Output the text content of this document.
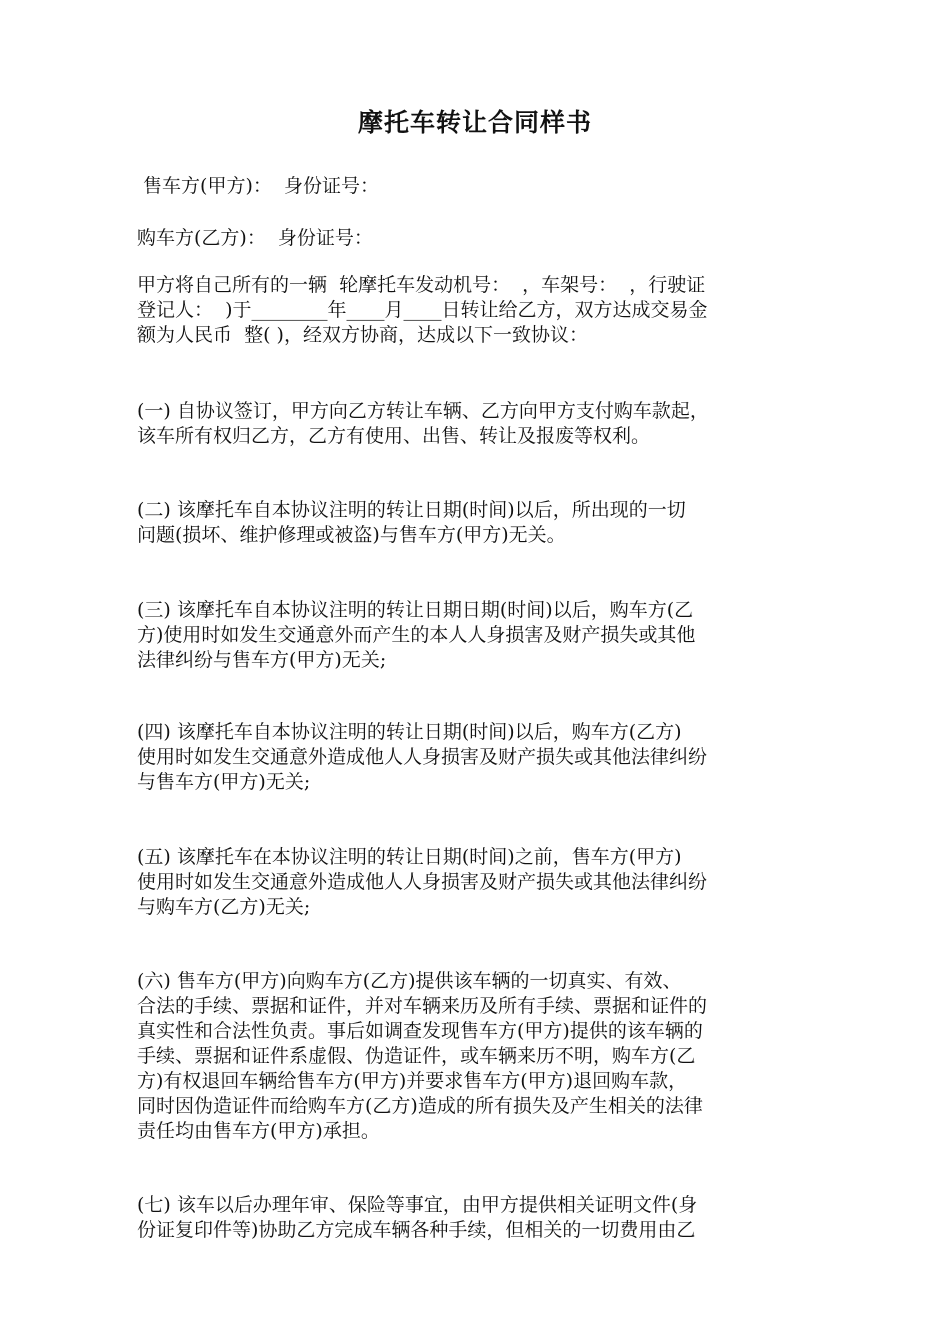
摩托车转让合同样书
售车方(甲方)：  身份证号：
购车方(乙方)：  身份证号：
甲方将自己所有的一辆  轮摩托车发动机号：  ，车架号：  ，行驶证
登记人：  )于________年____月____日转让给乙方，双方达成交易金
额为人民币  整( )，经双方协商，达成以下一致协议：
(一) 自协议签订，甲方向乙方转让车辆、乙方向甲方支付购车款起，
该车所有权归乙方，乙方有使用、出售、转让及报废等权利。
(二) 该摩托车自本协议注明的转让日期(时间)以后，所出现的一切
问题(损坏、维护修理或被盗)与售车方(甲方)无关。
(三) 该摩托车自本协议注明的转让日期日期(时间)以后，购车方(乙
方)使用时如发生交通意外而产生的本人人身损害及财产损失或其他
法律纠纷与售车方(甲方)无关;
(四) 该摩托车自本协议注明的转让日期(时间)以后，购车方(乙方)
使用时如发生交通意外造成他人人身损害及财产损失或其他法律纠纷
与售车方(甲方)无关;
(五) 该摩托车在本协议注明的转让日期(时间)之前，售车方(甲方)
使用时如发生交通意外造成他人人身损害及财产损失或其他法律纠纷
与购车方(乙方)无关;
(六) 售车方(甲方)向购车方(乙方)提供该车辆的一切真实、有效、
合法的手续、票据和证件，并对车辆来历及所有手续、票据和证件的
真实性和合法性负责。事后如调查发现售车方(甲方)提供的该车辆的
手续、票据和证件系虚假、伪造证件，或车辆来历不明，购车方(乙
方)有权退回车辆给售车方(甲方)并要求售车方(甲方)退回购车款，
同时因伪造证件而给购车方(乙方)造成的所有损失及产生相关的法律
责任均由售车方(甲方)承担。
(七) 该车以后办理年审、保险等事宜，由甲方提供相关证明文件(身
份证复印件等)协助乙方完成车辆各种手续，但相关的一切费用由乙
